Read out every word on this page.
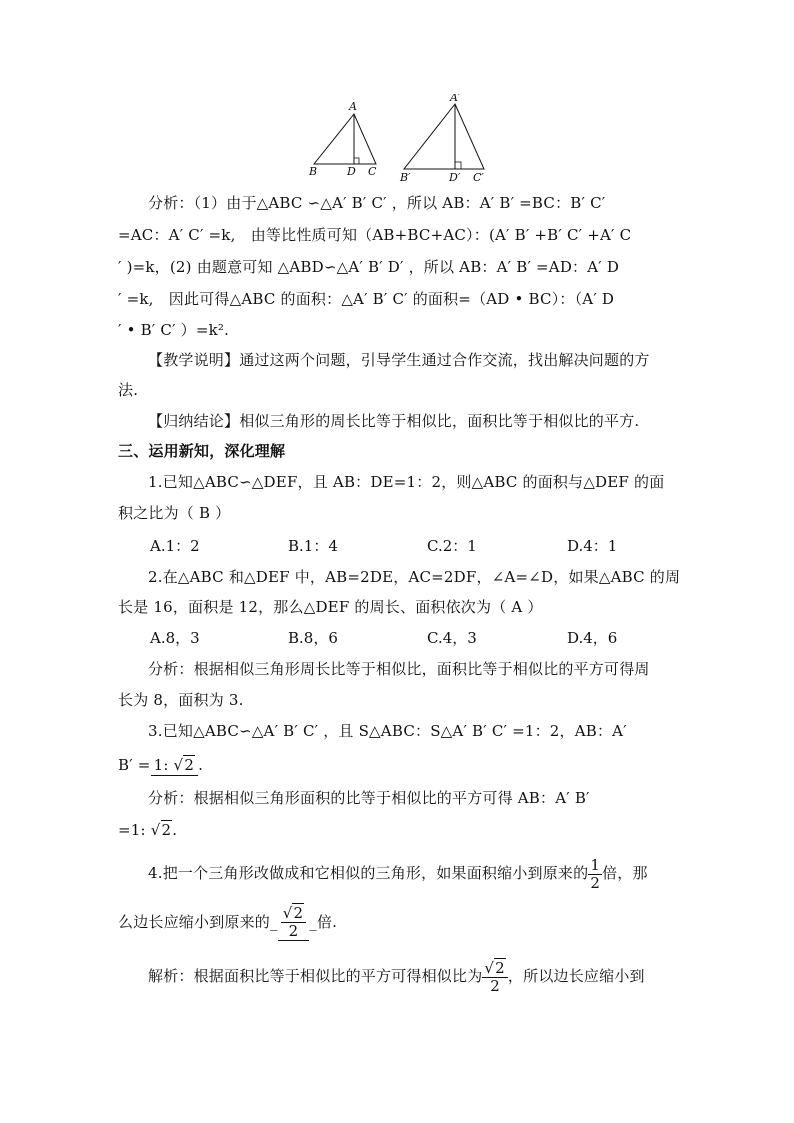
A
B	D C
A′
B′	D′ C′
分析：（1）由于△ABC ∽△A′ B′ C′ ，所以 AB：A′ B′ =BC：B′ C′
=AC：A′ C′ =k,　由等比性质可知（AB+BC+AC）：(A′ B′ +B′ C′ +A′ C
′ )=k，(2) 由题意可知 △ABD∽△A′ B′ D′ ，所以 AB：A′ B′ =AD：A′ D
′ =k,　因此可得△ABC 的面积：△A′ B′ C′ 的面积=（AD • BC）：（A′ D
′ • B′ C′ ）=k².
【教学说明】通过这两个问题，引导学生通过合作交流，找出解决问题的方
法.
【归纳结论】相似三角形的周长比等于相似比，面积比等于相似比的平方.
三、运用新知，深化理解
1.已知△ABC∽△DEF，且 AB：DE=1：2，则△ABC 的面积与△DEF 的面
积之比为（ B ）
A.1：2	B.1：4	C.2：1	D.4：1
2.在△ABC 和△DEF 中，AB=2DE，AC=2DF，∠A=∠D，如果△ABC 的周
长是 16，面积是 12，那么△DEF 的周长、面积依次为（ A ）
A.8，3	B.8，6	C.4，3	D.4，6
分析：根据相似三角形周长比等于相似比，面积比等于相似比的平方可得周
长为 8，面积为 3.
3.已知△ABC∽△A′ B′ C′ ，且 S△ABC：S△A′ B′ C′ =1：2，AB：A′
B′ = 1: √2 .
分析：根据相似三角形面积的比等于相似比的平方可得 AB：A′ B′
=1: √2.
4.把一个三角形改做成和它相似的三角形，如果面积缩小到原来的 $\frac{1}{2}$ 倍，那
么边长应缩小到原来的_ $\frac{√2}{2}$ _倍.
解析：根据面积比等于相似比的平方可得相似比为 $\frac{√2}{2}$ ，所以边长应缩小到
